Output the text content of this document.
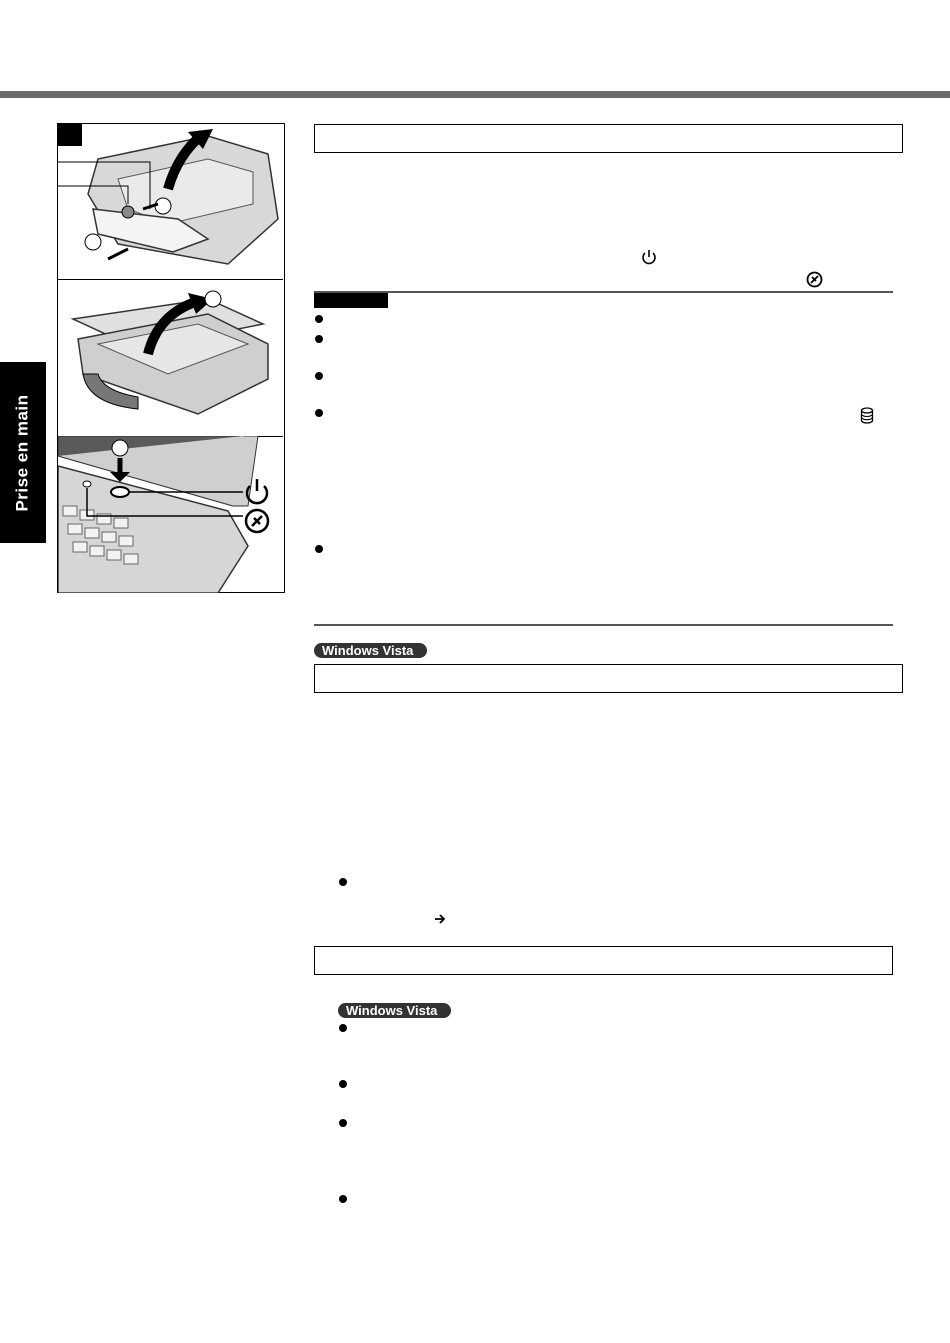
Prise en main
Windows Vista
Windows Vista
